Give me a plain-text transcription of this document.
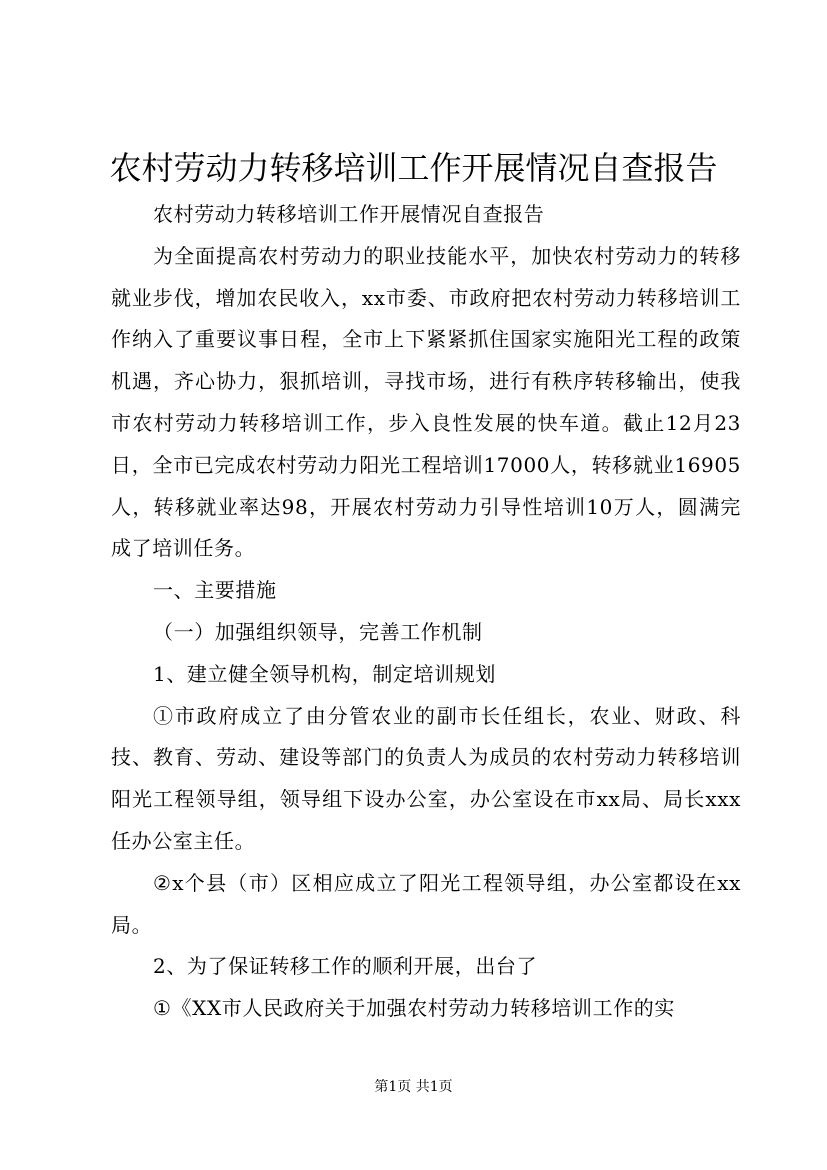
农村劳动力转移培训工作开展情况自查报告

农村劳动力转移培训工作开展情况自查报告

为全面提高农村劳动力的职业技能水平，加快农村劳动力的转移就业步伐，增加农民收入，xx市委、市政府把农村劳动力转移培训工作纳入了重要议事日程，全市上下紧紧抓住国家实施阳光工程的政策机遇，齐心协力，狠抓培训，寻找市场，进行有秩序转移输出，使我市农村劳动力转移培训工作，步入良性发展的快车道。截止12月23日，全市已完成农村劳动力阳光工程培训17000人，转移就业16905人，转移就业率达98，开展农村劳动力引导性培训10万人，圆满完成了培训任务。

一、主要措施

（一）加强组织领导，完善工作机制

1、建立健全领导机构，制定培训规划

①市政府成立了由分管农业的副市长任组长，农业、财政、科技、教育、劳动、建设等部门的负责人为成员的农村劳动力转移培训阳光工程领导组，领导组下设办公室，办公室设在市xx局、局长xxx任办公室主任。

②x个县（市）区相应成立了阳光工程领导组，办公室都设在xx局。

2、为了保证转移工作的顺利开展，出台了

①《XX市人民政府关于加强农村劳动力转移培训工作的实

第1页 共1页
